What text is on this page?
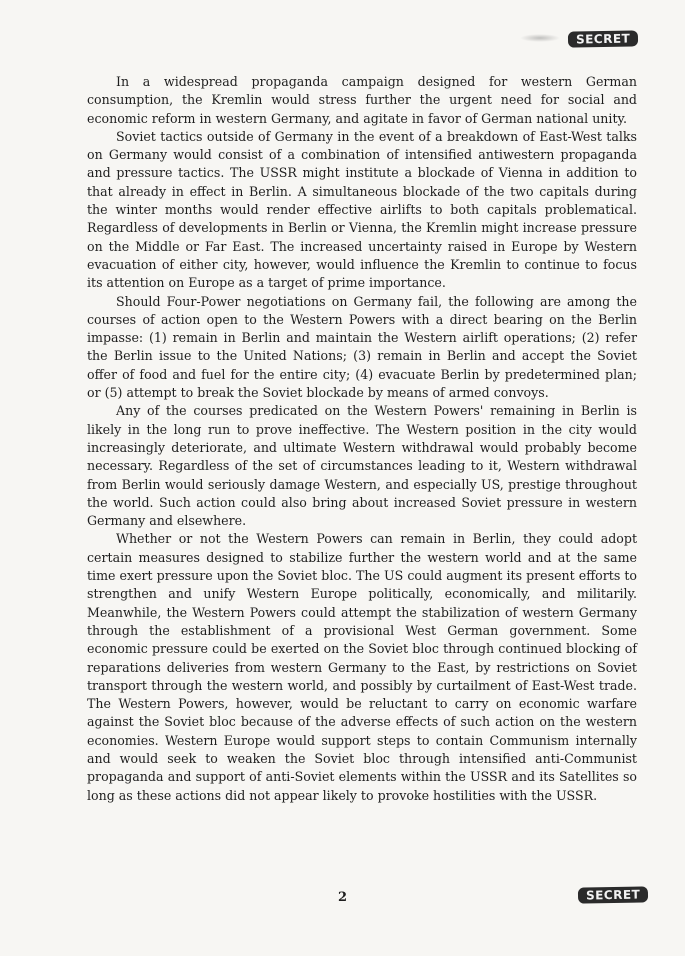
SECRET

In a widespread propaganda campaign designed for western German consumption, the Kremlin would stress further the urgent need for social and economic reform in western Germany, and agitate in favor of German national unity.

Soviet tactics outside of Germany in the event of a breakdown of East-West talks on Germany would consist of a combination of intensified antiwestern propaganda and pressure tactics. The USSR might institute a blockade of Vienna in addition to that already in effect in Berlin. A simultaneous blockade of the two capitals during the winter months would render effective airlifts to both capitals problematical. Regardless of developments in Berlin or Vienna, the Kremlin might increase pressure on the Middle or Far East. The increased uncertainty raised in Europe by Western evacuation of either city, however, would influence the Kremlin to continue to focus its attention on Europe as a target of prime importance.

Should Four-Power negotiations on Germany fail, the following are among the courses of action open to the Western Powers with a direct bearing on the Berlin impasse: (1) remain in Berlin and maintain the Western airlift operations; (2) refer the Berlin issue to the United Nations; (3) remain in Berlin and accept the Soviet offer of food and fuel for the entire city; (4) evacuate Berlin by predetermined plan; or (5) attempt to break the Soviet blockade by means of armed convoys.

Any of the courses predicated on the Western Powers' remaining in Berlin is likely in the long run to prove ineffective. The Western position in the city would increasingly deteriorate, and ultimate Western withdrawal would probably become necessary. Regardless of the set of circumstances leading to it, Western withdrawal from Berlin would seriously damage Western, and especially US, prestige throughout the world. Such action could also bring about increased Soviet pressure in western Germany and elsewhere.

Whether or not the Western Powers can remain in Berlin, they could adopt certain measures designed to stabilize further the western world and at the same time exert pressure upon the Soviet bloc. The US could augment its present efforts to strengthen and unify Western Europe politically, economically, and militarily. Meanwhile, the Western Powers could attempt the stabilization of western Germany through the establishment of a provisional West German government. Some economic pressure could be exerted on the Soviet bloc through continued blocking of reparations deliveries from western Germany to the East, by restrictions on Soviet transport through the western world, and possibly by curtailment of East-West trade. The Western Powers, however, would be reluctant to carry on economic warfare against the Soviet bloc because of the adverse effects of such action on the western economies. Western Europe would support steps to contain Communism internally and would seek to weaken the Soviet bloc through intensified anti-Communist propaganda and support of anti-Soviet elements within the USSR and its Satellites so long as these actions did not appear likely to provoke hostilities with the USSR.

2	SECRET
